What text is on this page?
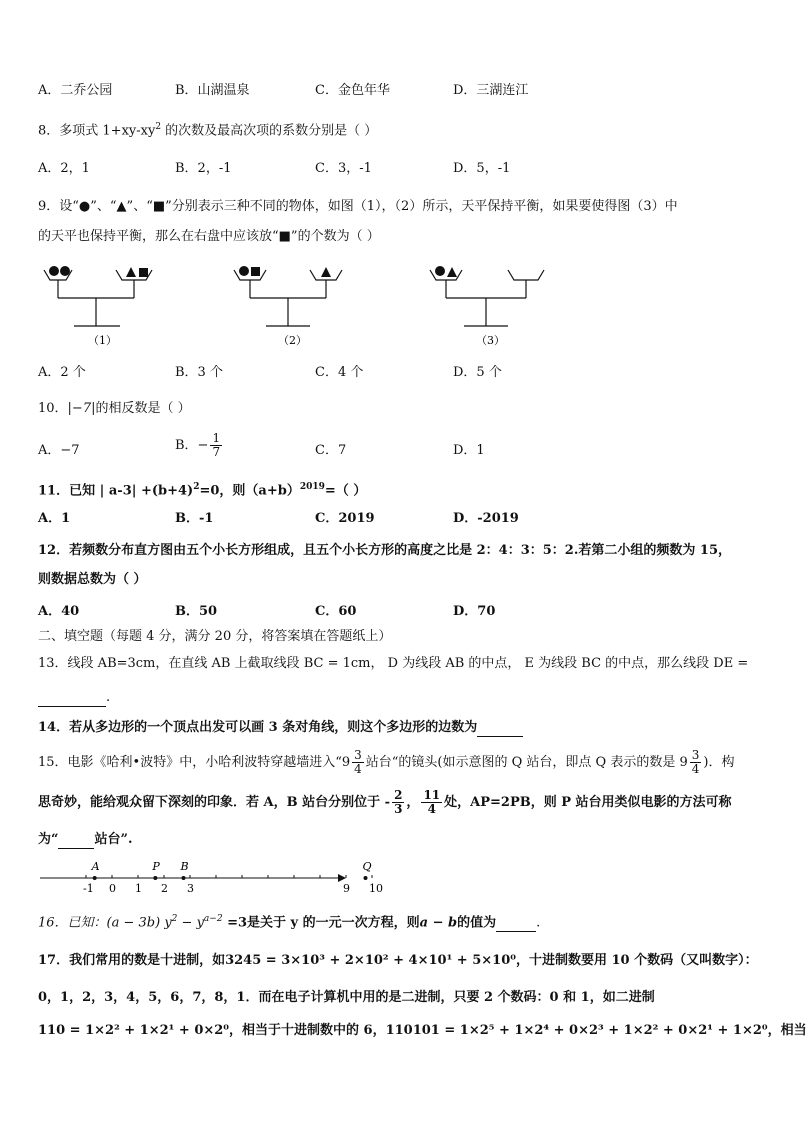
A．二乔公园	B．山湖温泉	C．金色年华	D．三湖连江
8．多项式 $1+xy-xy^2$ 的次数及最高次项的系数分别是（ ）
A．2，1	B．2，-1	C．3，-1	D．5，-1
9．设“●”、“▲”、“■”分别表示三种不同的物体，如图（1），（2）所示，天平保持平衡，如果要使得图（3）中
的天平也保持平衡，那么在右盘中应该放“■”的个数为（ ）
（1）	（2）	（3）
A．2 个	B．3 个	C．4 个	D．5 个
10．|−7|的相反数是（ ）
A．−7	B．− $\frac{1}{7}$	C．7	D．1
11．已知 | $a-3| +(b+4)^2=0$，则$(a+b)^{2019}=$（ ）
A．1	B．-1	C．2019	D．-2019
12．若频数分布直方图由五个小长方形组成，且五个小长方形的高度之比是 2：4：3：5：2.若第二小组的频数为 15，
则数据总数为（ ）
A．40	B．50	C．60	D．70
二、填空题（每题 4 分，满分 20 分，将答案填在答题纸上）
13．线段 AB=3cm，在直线 AB 上截取线段 BC = 1cm， D 为线段 AB 的中点， E 为线段 BC 的中点，那么线段 DE =
.
14．若从多边形的一个顶点出发可以画 3 条对角线，则这个多边形的边数为
15．电影《哈利•波特》中，小哈利波特穿越墙进入“$9 \frac{3}{4}$ 站台“的镜头(如示意图的 Q 站台，即点 Q 表示的数是 $9 \frac{3}{4}$ )．构
思奇妙，能给观众留下深刻的印象．若 A，B 站台分别位于 - $\frac{2}{3}$ ， $\frac{11}{4}$ 处，AP=2PB，则 P 站台用类似电影的方法可称
为“	站台”.
-1 0 1 2 3	9 10
A	P B	Q
16．已知：(a − 3b) $y^2 - y^{a-2} =3$是关于 y 的一元一次方程，则a − b的值为	.
17．我们常用的数是十进制，如3245 = 3×10³ + 2×10² + 4×10¹ + 5×10⁰，十进制数要用 10 个数码（又叫数字）：
0，1，2，3，4，5，6，7，8，1．而在电子计算机中用的是二进制，只要 2 个数码：0 和 1，如二进制
110 = 1×2² + 1×2¹ + 0×2⁰，相当于十进制数中的 6，110101 = 1×2⁵ + 1×2⁴ + 0×2³ + 1×2² + 0×2¹ + 1×2⁰，相当
